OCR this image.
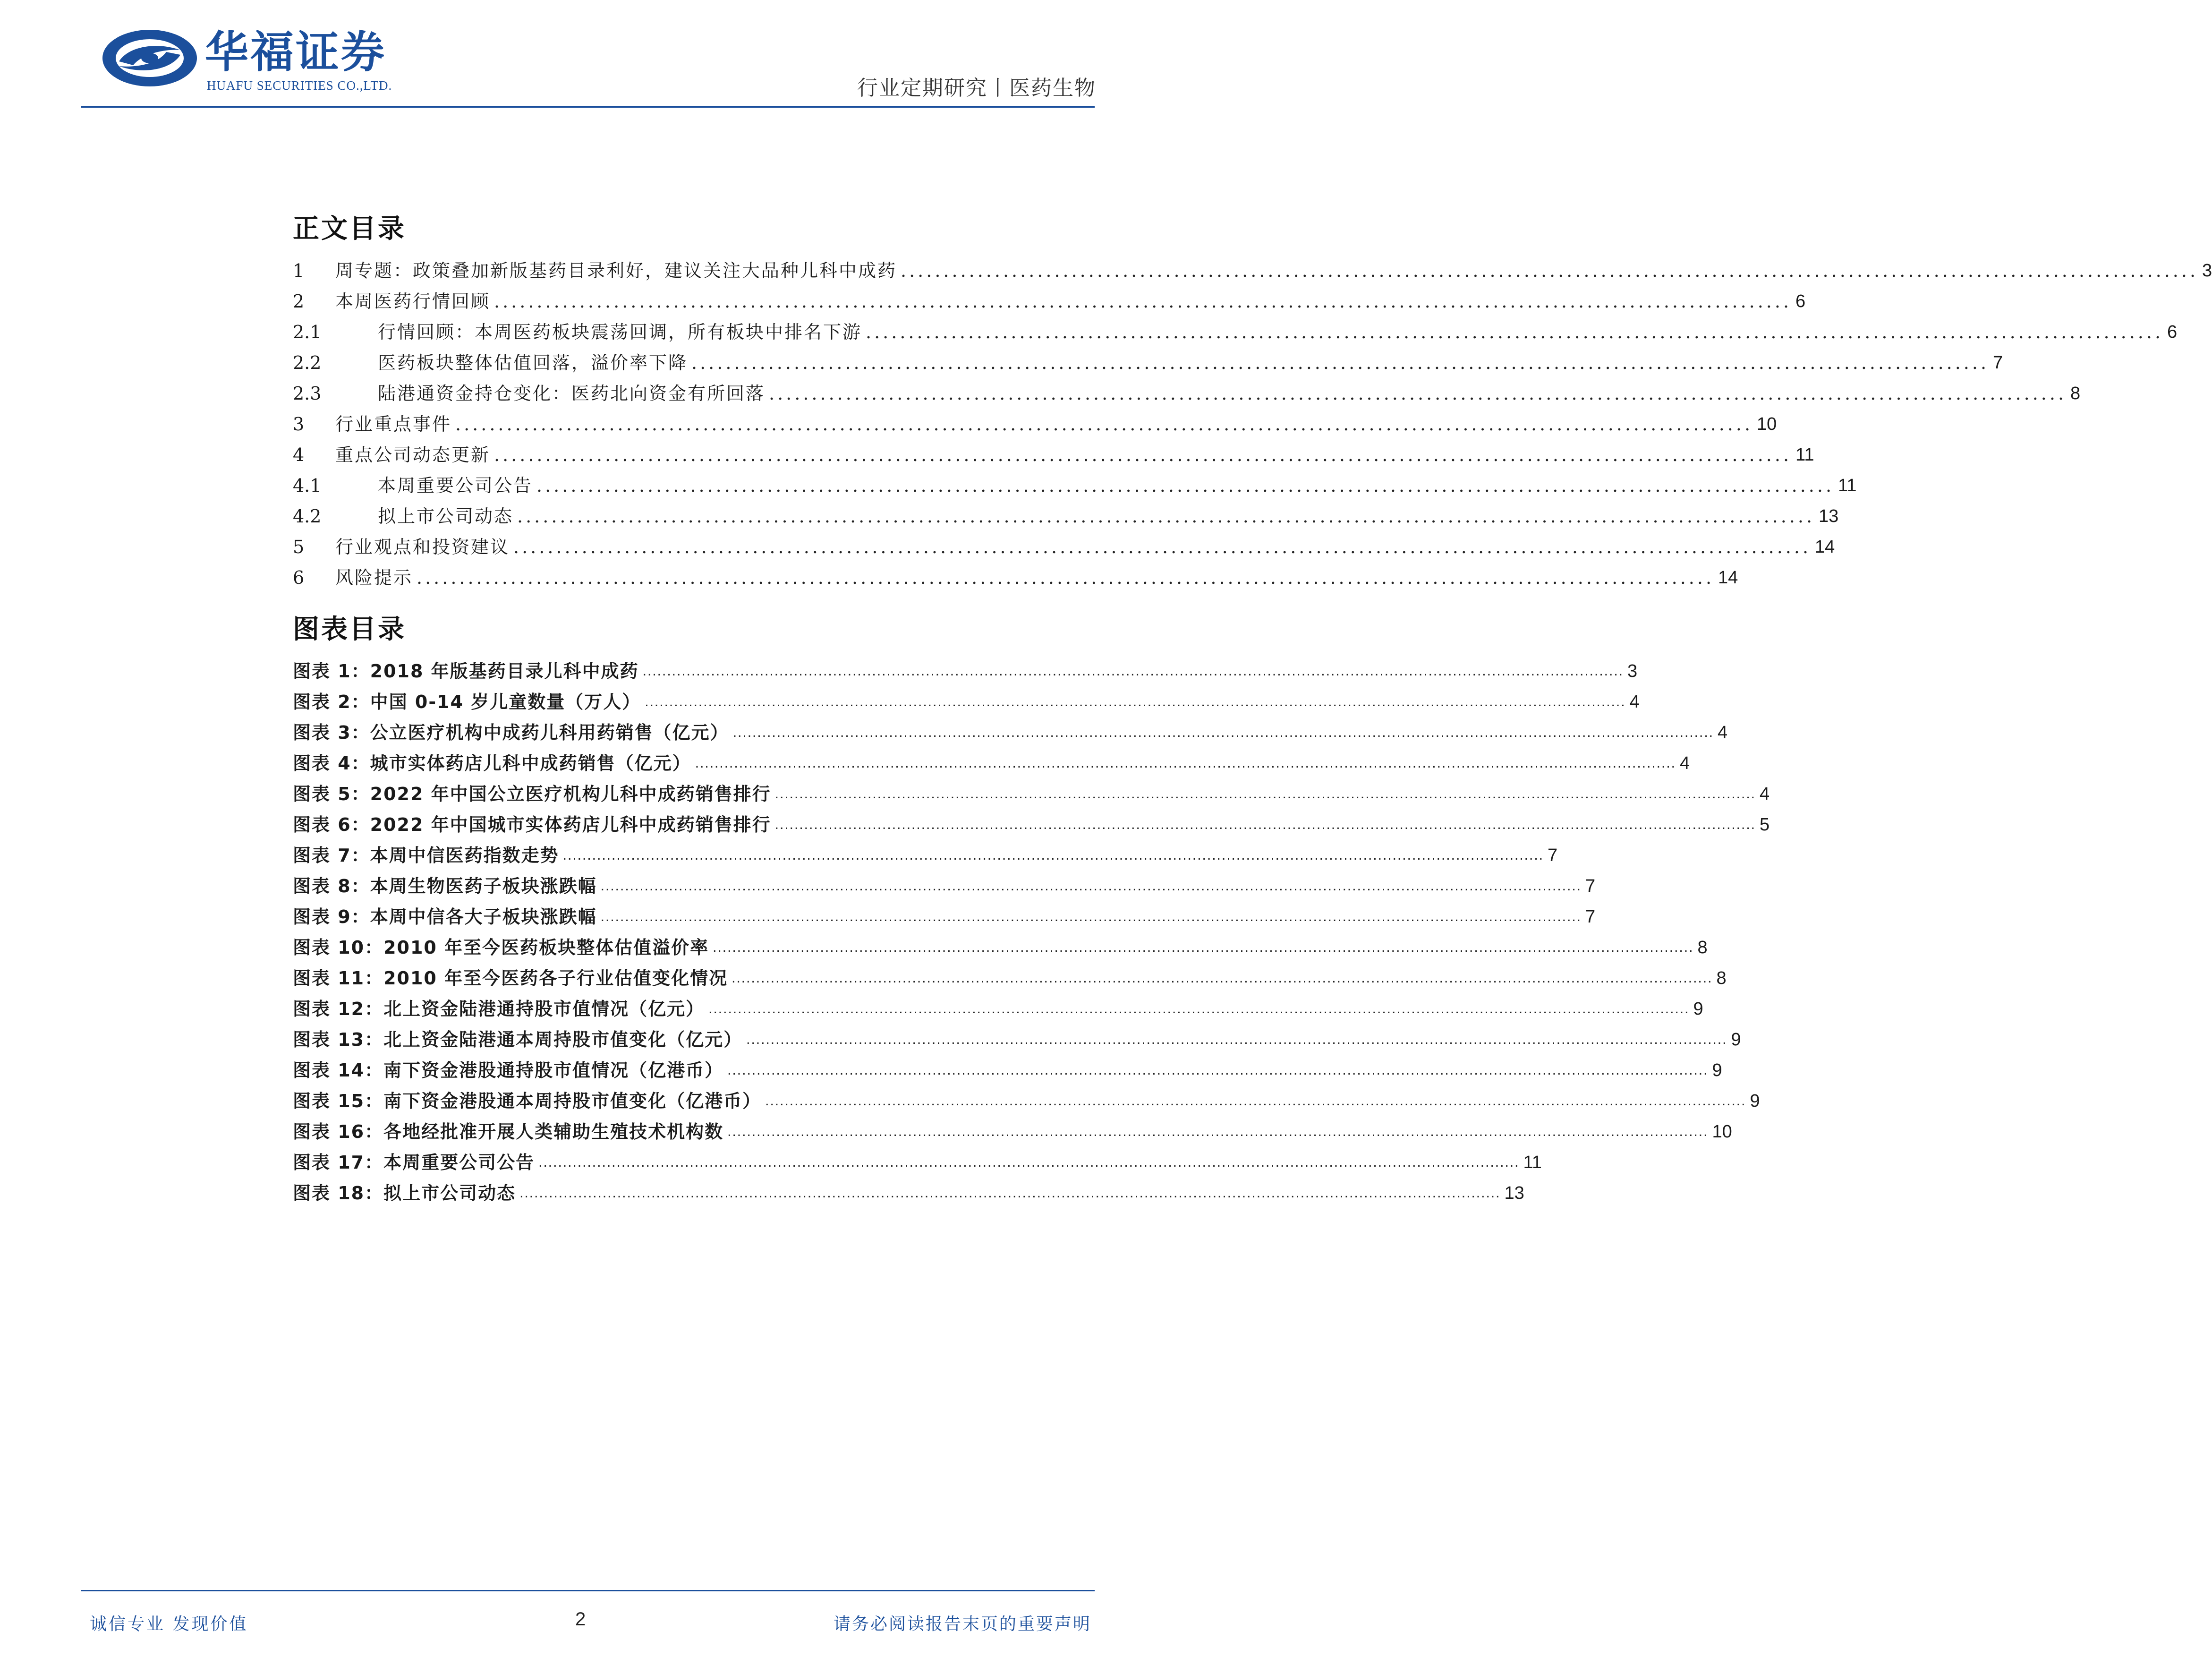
华福证券
HUAFU SECURITIES CO.,LTD.	行业定期研究丨医药生物
正文目录
1	周专题：政策叠加新版基药目录利好，建议关注大品种儿科中成药 ........................................................................................................................................................ 3
2	本周医药行情回顾 ........................................................................................................................................................ 6
2.1	行情回顾：本周医药板块震荡回调，所有板块中排名下游 ........................................................................................................................................................ 6
2.2	医药板块整体估值回落，溢价率下降 ........................................................................................................................................................ 7
2.3	陆港通资金持仓变化：医药北向资金有所回落 ........................................................................................................................................................ 8
3	行业重点事件 ........................................................................................................................................................ 10
4	重点公司动态更新 ........................................................................................................................................................ 11
4.1	本周重要公司公告 ........................................................................................................................................................ 11
4.2	拟上市公司动态 ........................................................................................................................................................ 13
5	行业观点和投资建议 ........................................................................................................................................................ 14
6	风险提示 ........................................................................................................................................................ 14
图表目录
图表 1：2018 年版基药目录儿科中成药 ......................................................................................................................................................................................................... 3
图表 2：中国 0-14 岁儿童数量（万人） ......................................................................................................................................................................................................... 4
图表 3：公立医疗机构中成药儿科用药销售（亿元） ......................................................................................................................................................................................................... 4
图表 4：城市实体药店儿科中成药销售（亿元） ......................................................................................................................................................................................................... 4
图表 5：2022 年中国公立医疗机构儿科中成药销售排行 ......................................................................................................................................................................................................... 4
图表 6：2022 年中国城市实体药店儿科中成药销售排行 ......................................................................................................................................................................................................... 5
图表 7：本周中信医药指数走势 ......................................................................................................................................................................................................... 7
图表 8：本周生物医药子板块涨跌幅 ......................................................................................................................................................................................................... 7
图表 9：本周中信各大子板块涨跌幅 ......................................................................................................................................................................................................... 7
图表 10：2010 年至今医药板块整体估值溢价率 ......................................................................................................................................................................................................... 8
图表 11：2010 年至今医药各子行业估值变化情况 ......................................................................................................................................................................................................... 8
图表 12：北上资金陆港通持股市值情况（亿元） ......................................................................................................................................................................................................... 9
图表 13：北上资金陆港通本周持股市值变化（亿元） ......................................................................................................................................................................................................... 9
图表 14：南下资金港股通持股市值情况（亿港币） ......................................................................................................................................................................................................... 9
图表 15：南下资金港股通本周持股市值变化（亿港币） ......................................................................................................................................................................................................... 9
图表 16：各地经批准开展人类辅助生殖技术机构数 ......................................................................................................................................................................................................... 10
图表 17：本周重要公司公告 ......................................................................................................................................................................................................... 11
图表 18：拟上市公司动态 ......................................................................................................................................................................................................... 13
诚信专业 发现价值	2	请务必阅读报告末页的重要声明
